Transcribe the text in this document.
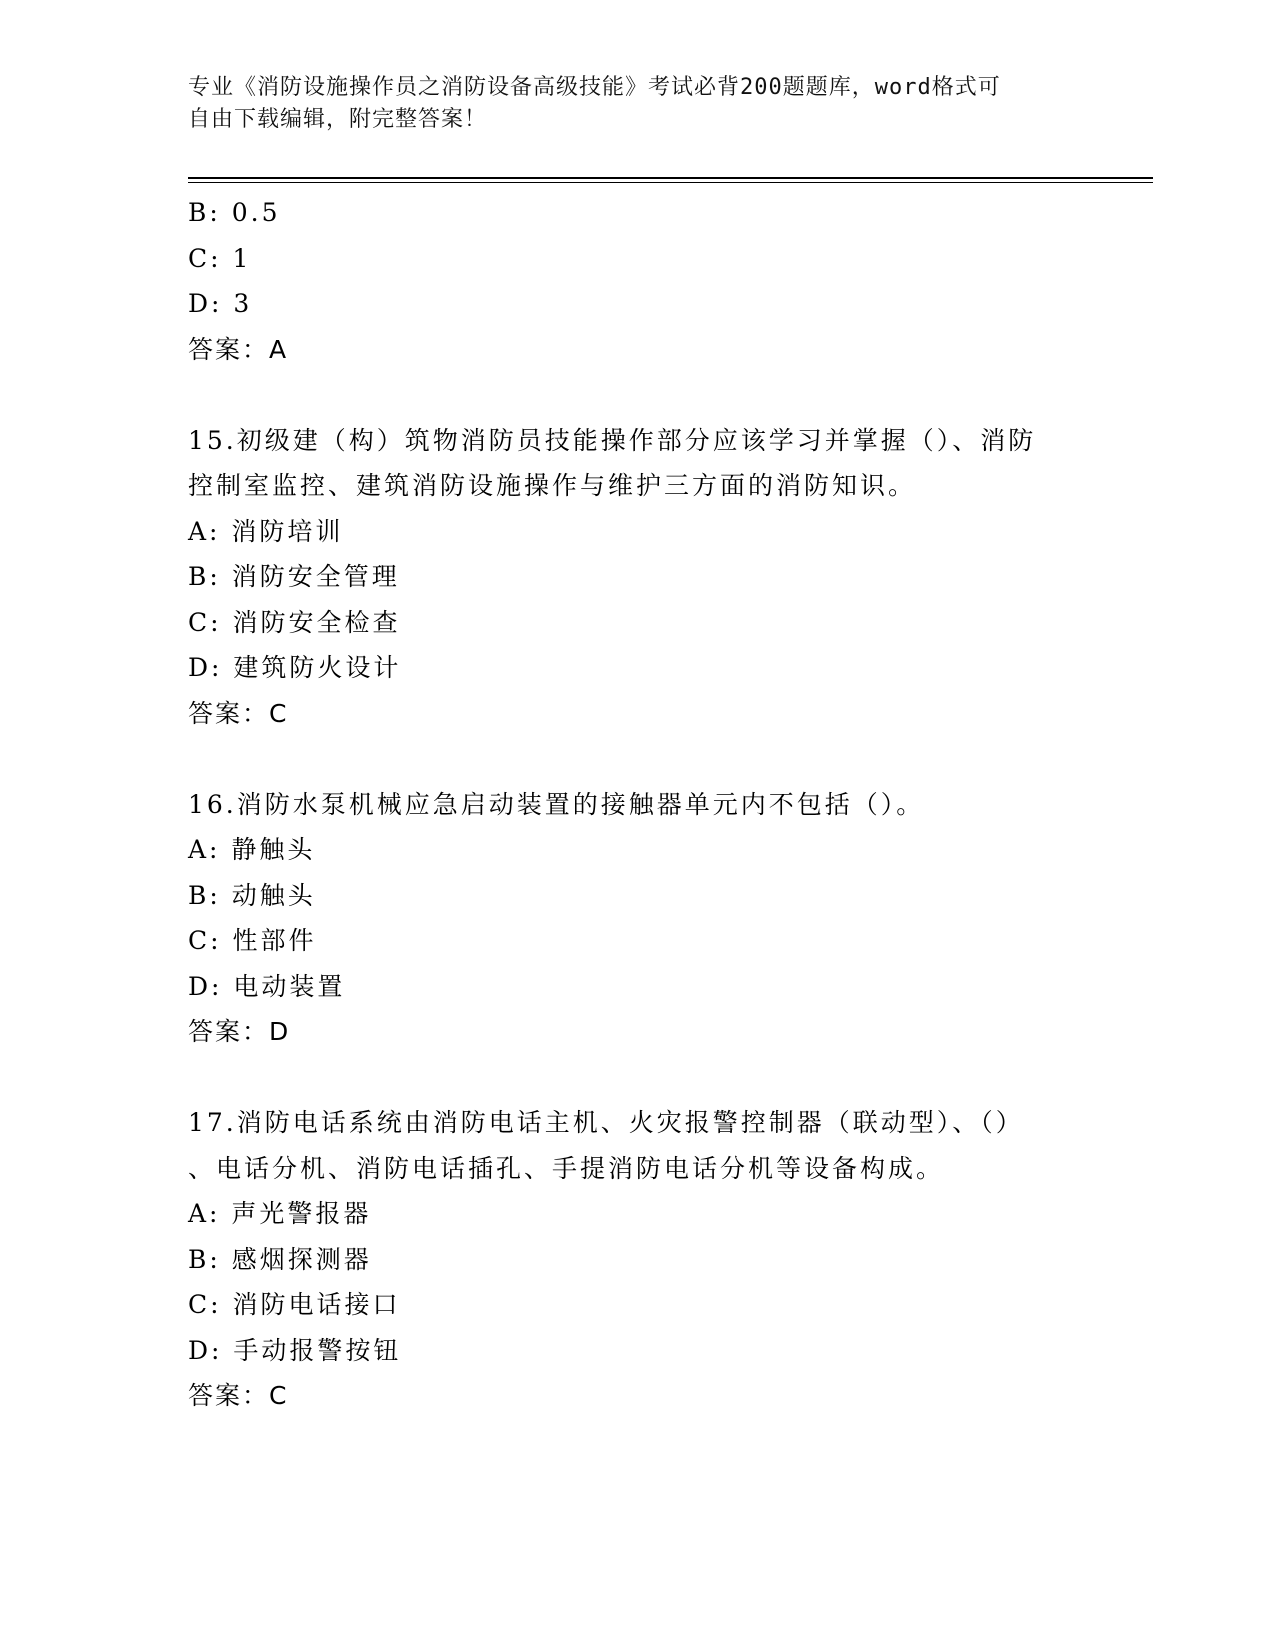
专业《消防设施操作员之消防设备高级技能》考试必背200题题库，word格式可
自由下载编辑，附完整答案！
B: 0.5
C: 1
D: 3
答案：A
15.初级建（构）筑物消防员技能操作部分应该学习并掌握（）、消防
控制室监控、建筑消防设施操作与维护三方面的消防知识。
A: 消防培训
B: 消防安全管理
C: 消防安全检查
D: 建筑防火设计
答案：C
16.消防水泵机械应急启动装置的接触器单元内不包括（）。
A: 静触头
B: 动触头
C: 性部件
D: 电动装置
答案：D
17.消防电话系统由消防电话主机、火灾报警控制器（联动型）、（）
、电话分机、消防电话插孔、手提消防电话分机等设备构成。
A: 声光警报器
B: 感烟探测器
C: 消防电话接口
D: 手动报警按钮
答案：C
